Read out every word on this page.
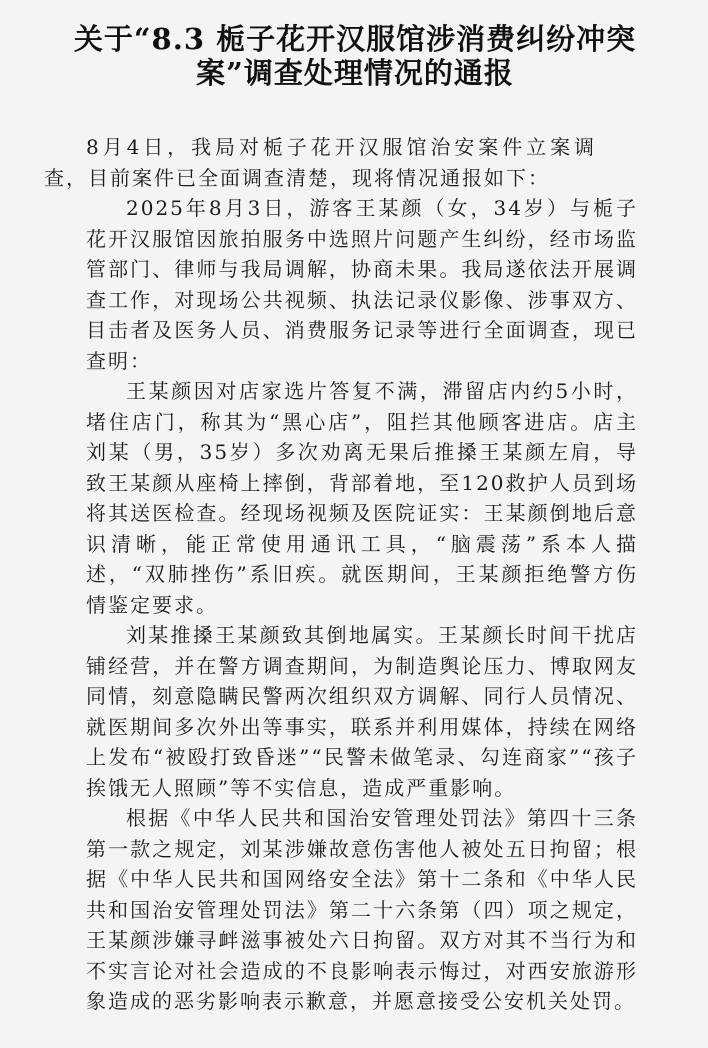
关于“8.3 栀子花开汉服馆涉消费纠纷冲突
案”调查处理情况的通报

8月4日，我局对栀子花开汉服馆治安案件立案调查，目前案件已全面调查清楚，现将情况通报如下：

2025年8月3日，游客王某颜（女，34岁）与栀子花开汉服馆因旅拍服务中选照片问题产生纠纷，经市场监管部门、律师与我局调解，协商未果。我局遂依法开展调查工作，对现场公共视频、执法记录仪影像、涉事双方、目击者及医务人员、消费服务记录等进行全面调查，现已查明：

王某颜因对店家选片答复不满，滞留店内约5小时，堵住店门，称其为“黑心店”，阻拦其他顾客进店。店主刘某（男，35岁）多次劝离无果后推搡王某颜左肩，导致王某颜从座椅上摔倒，背部着地，至120救护人员到场将其送医检查。经现场视频及医院证实：王某颜倒地后意识清晰，能正常使用通讯工具，“脑震荡”系本人描述，“双肺挫伤”系旧疾。就医期间，王某颜拒绝警方伤情鉴定要求。

刘某推搡王某颜致其倒地属实。王某颜长时间干扰店铺经营，并在警方调查期间，为制造舆论压力、博取网友同情，刻意隐瞒民警两次组织双方调解、同行人员情况、就医期间多次外出等事实，联系并利用媒体，持续在网络上发布“被殴打致昏迷”“民警未做笔录、勾连商家”“孩子挨饿无人照顾”等不实信息，造成严重影响。

根据《中华人民共和国治安管理处罚法》第四十三条第一款之规定，刘某涉嫌故意伤害他人被处五日拘留；根据《中华人民共和国网络安全法》第十二条和《中华人民共和国治安管理处罚法》第二十六条第（四）项之规定，王某颜涉嫌寻衅滋事被处六日拘留。双方对其不当行为和不实言论对社会造成的不良影响表示悔过，对西安旅游形象造成的恶劣影响表示歉意，并愿意接受公安机关处罚。
